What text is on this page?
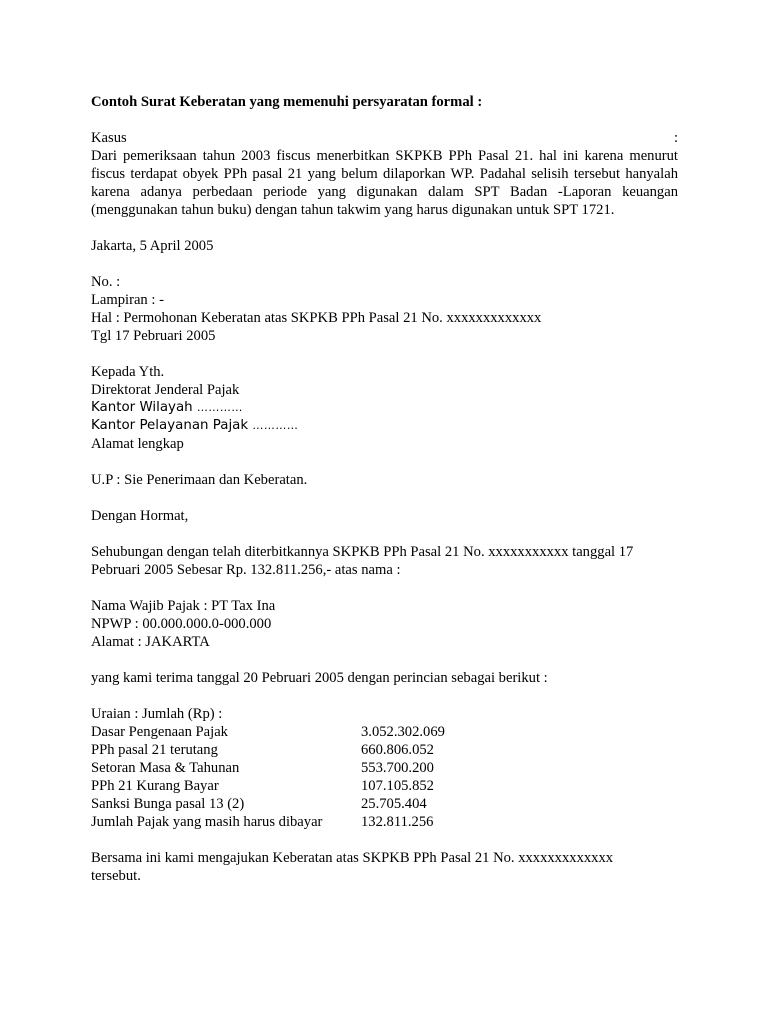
Contoh Surat Keberatan yang memenuhi persyaratan formal :
Kasus	:
Dari pemeriksaan tahun 2003 fiscus menerbitkan SKPKB PPh Pasal 21. hal ini karena menurut fiscus terdapat obyek PPh pasal 21 yang belum dilaporkan WP. Padahal selisih tersebut hanyalah karena adanya perbedaan periode yang digunakan dalam SPT Badan -Laporan keuangan (menggunakan tahun buku) dengan tahun takwim yang harus digunakan untuk SPT 1721.
Jakarta, 5 April 2005
No. :
Lampiran : -
Hal : Permohonan Keberatan atas SKPKB PPh Pasal 21 No. xxxxxxxxxxxxx
Tgl 17 Pebruari 2005
Kepada Yth.
Direktorat Jenderal Pajak
Kantor Wilayah …………
Kantor Pelayanan Pajak …………
Alamat lengkap
U.P : Sie Penerimaan dan Keberatan.
Dengan Hormat,
Sehubungan dengan telah diterbitkannya SKPKB PPh Pasal 21 No. xxxxxxxxxxx tanggal 17
Pebruari 2005 Sebesar Rp. 132.811.256,- atas nama :
Nama Wajib Pajak : PT Tax Ina
NPWP : 00.000.000.0-000.000
Alamat : JAKARTA
yang kami terima tanggal 20 Pebruari 2005 dengan perincian sebagai berikut :
Uraian : Jumlah (Rp) :
Dasar Pengenaan Pajak	3.052.302.069
PPh pasal 21 terutang	660.806.052
Setoran Masa & Tahunan	553.700.200
PPh 21 Kurang Bayar	107.105.852
Sanksi Bunga pasal 13 (2)	25.705.404
Jumlah Pajak yang masih harus dibayar	132.811.256
Bersama ini kami mengajukan Keberatan atas SKPKB PPh Pasal 21 No. xxxxxxxxxxxxx
tersebut.
